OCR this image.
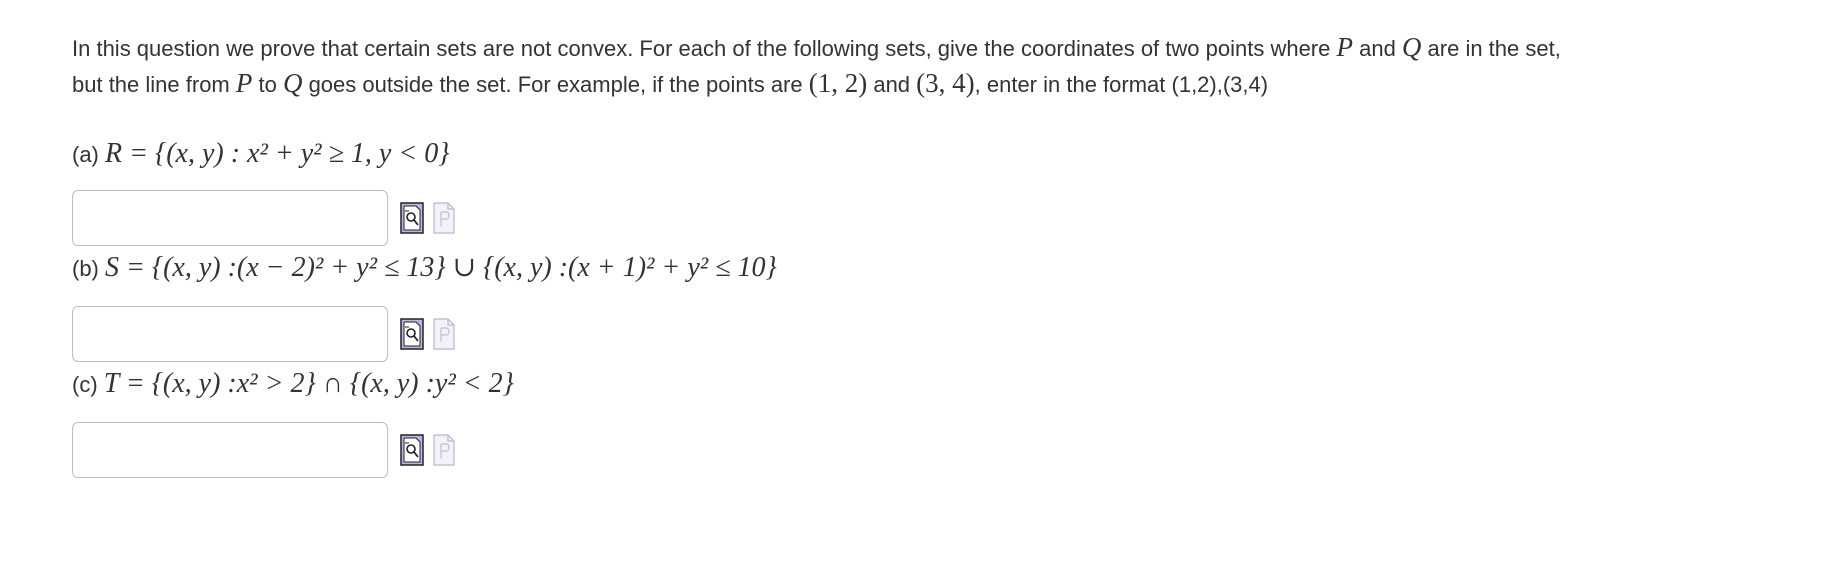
In this question we prove that certain sets are not convex. For each of the following sets, give the coordinates of two points where P and Q are in the set,
but the line from P to Q goes outside the set. For example, if the points are (1, 2) and (3, 4), enter in the format (1,2),(3,4)
(a) R = {(x, y) : x² + y² ≥ 1, y < 0}
(b) S = {(x, y) :(x − 2)² + y² ≤ 13} ∪ {(x, y) :(x + 1)² + y² ≤ 10}
(c) T = {(x, y) :x² > 2} ∩ {(x, y) :y² < 2}
